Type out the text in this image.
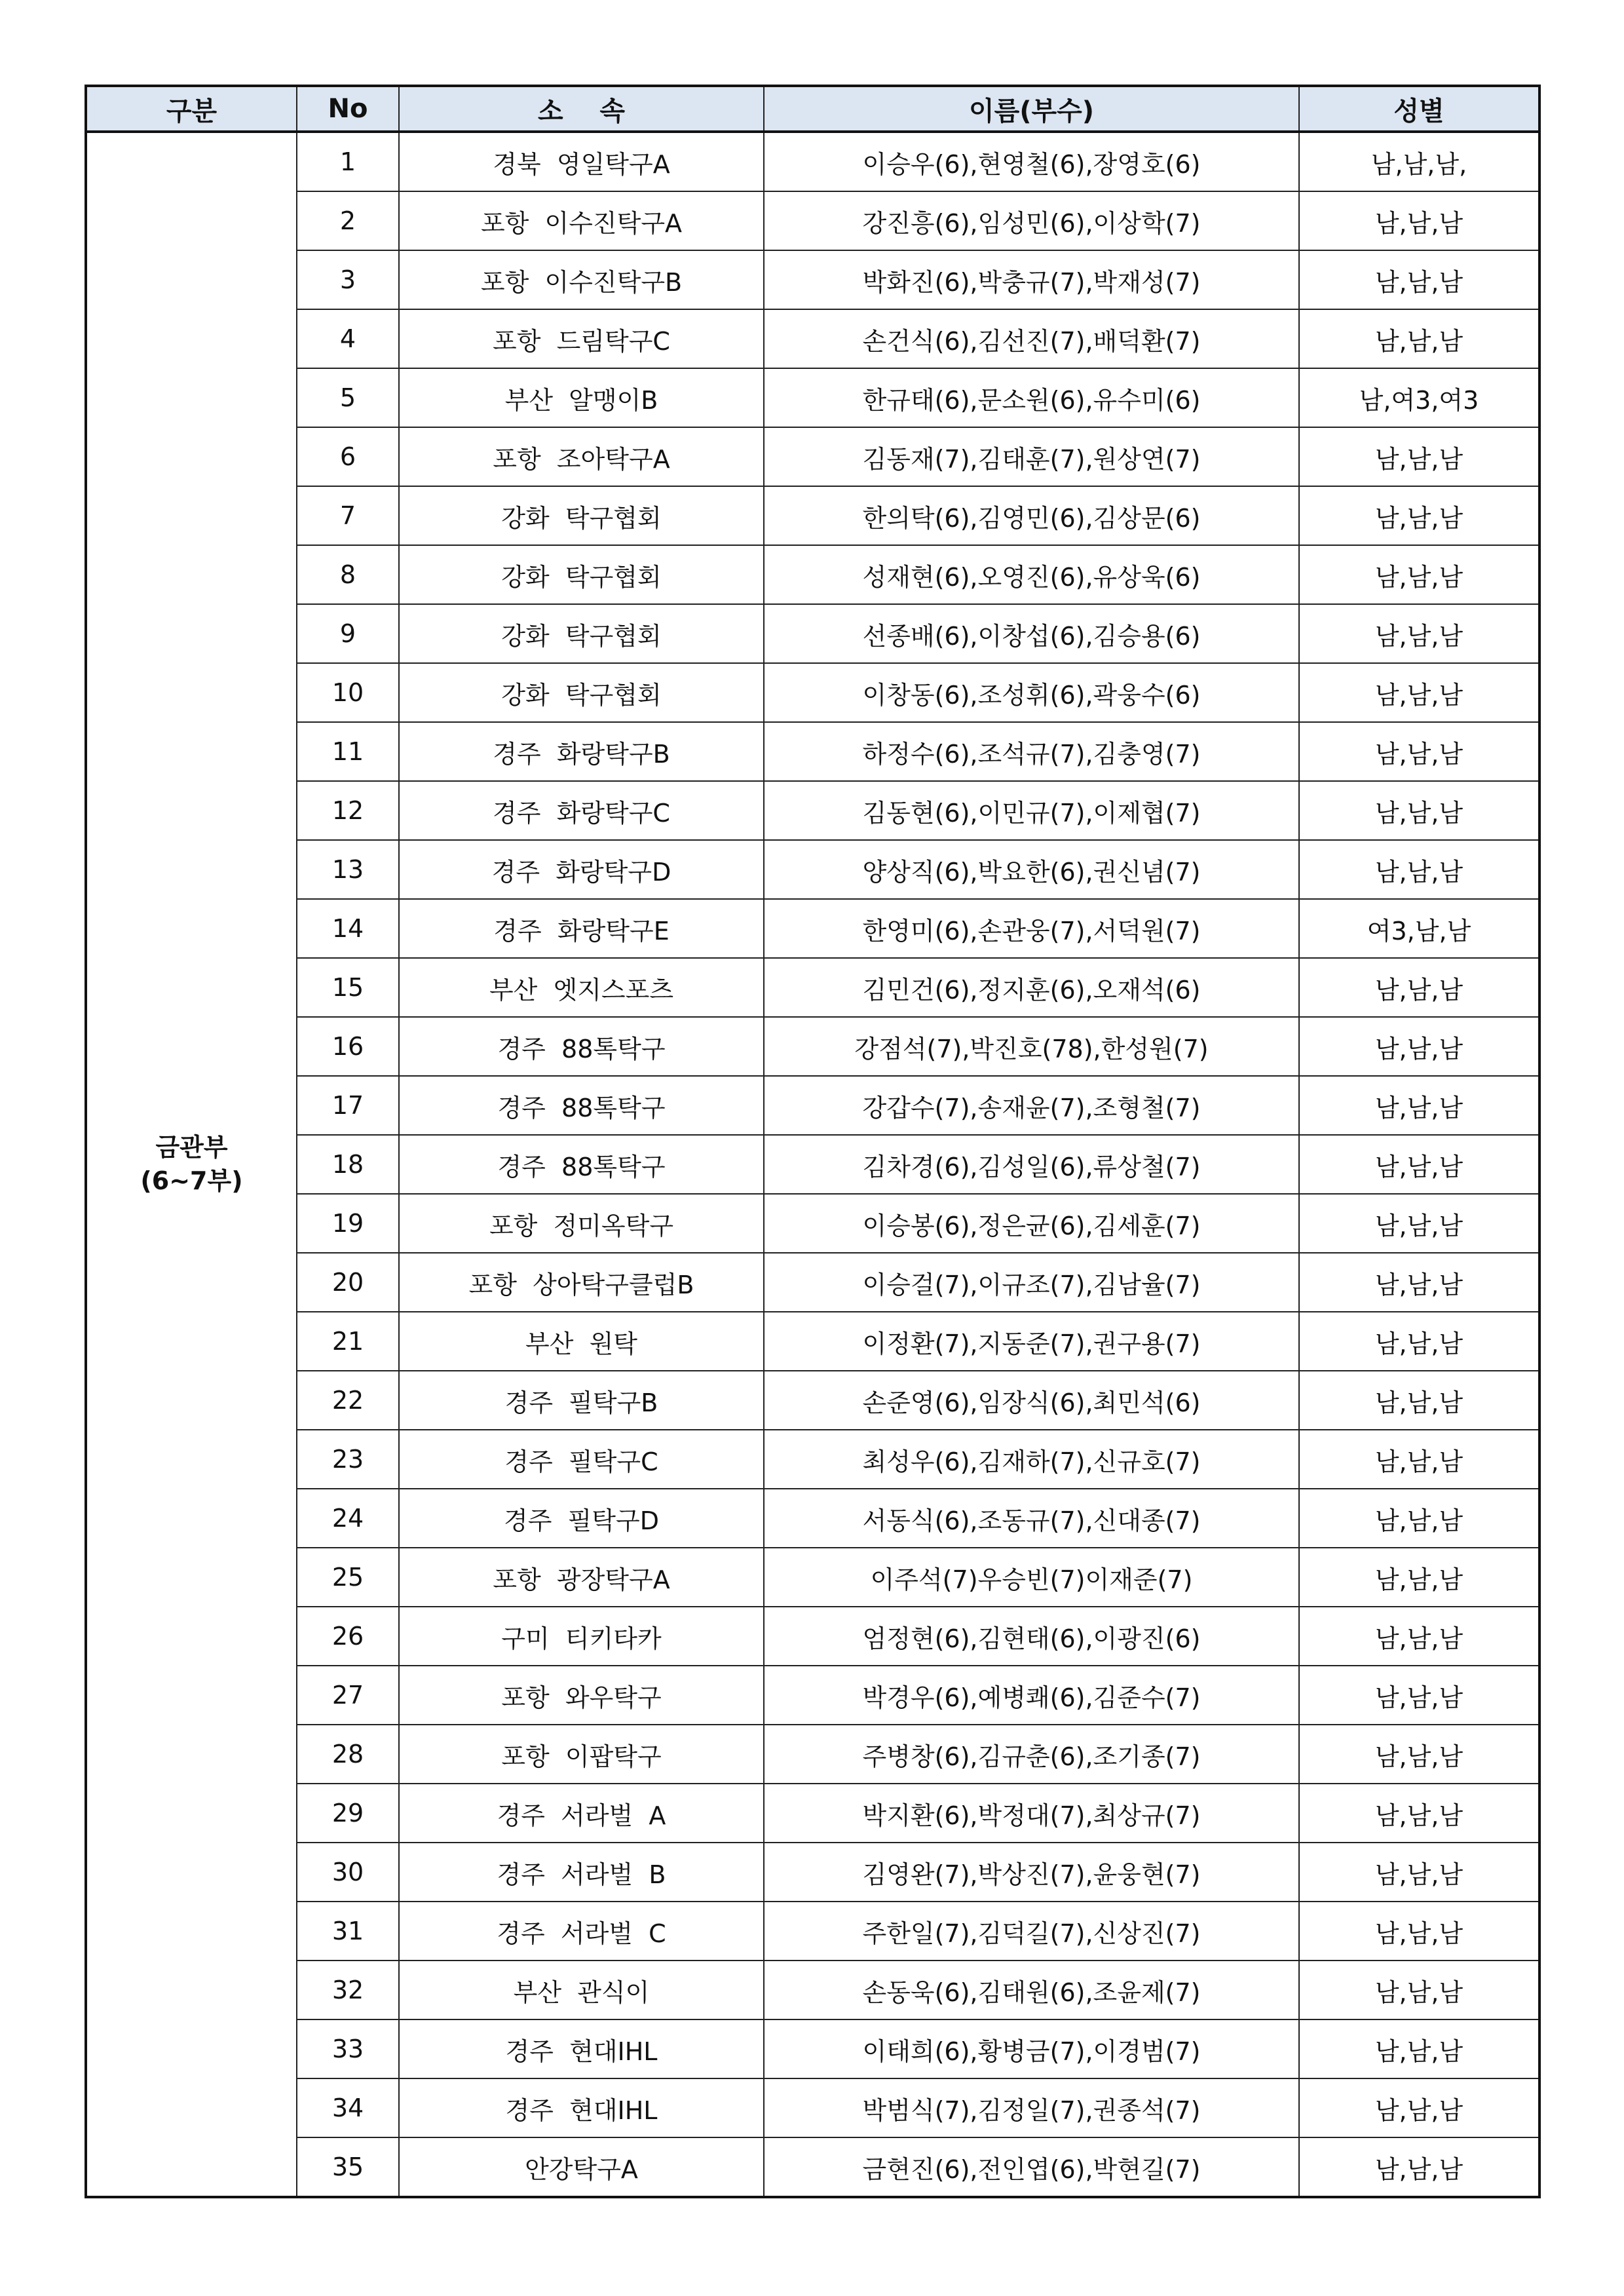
구분	No	소    속	이름(부수)	성별

금관부
(6~7부)	1	경북  영일탁구A	이승우(6),현영철(6),장영호(6)	남,남,남,
	2	포항  이수진탁구A	강진흥(6),임성민(6),이상학(7)	남,남,남
	3	포항  이수진탁구B	박화진(6),박충규(7),박재성(7)	남,남,남
	4	포항  드림탁구C	손건식(6),김선진(7),배덕환(7)	남,남,남
	5	부산  알맹이B	한규태(6),문소원(6),유수미(6)	남,여3,여3
	6	포항  조아탁구A	김동재(7),김태훈(7),원상연(7)	남,남,남
	7	강화  탁구협회	한의탁(6),김영민(6),김상문(6)	남,남,남
	8	강화  탁구협회	성재현(6),오영진(6),유상욱(6)	남,남,남
	9	강화  탁구협회	선종배(6),이창섭(6),김승용(6)	남,남,남
	10	강화  탁구협회	이창동(6),조성휘(6),곽웅수(6)	남,남,남
	11	경주  화랑탁구B	하정수(6),조석규(7),김충영(7)	남,남,남
	12	경주  화랑탁구C	김동현(6),이민규(7),이제협(7)	남,남,남
	13	경주  화랑탁구D	양상직(6),박요한(6),권신념(7)	남,남,남
	14	경주  화랑탁구E	한영미(6),손관웅(7),서덕원(7)	여3,남,남
	15	부산  엣지스포츠	김민건(6),정지훈(6),오재석(6)	남,남,남
	16	경주  88톡탁구	강점석(7),박진호(78),한성원(7)	남,남,남
	17	경주  88톡탁구	강갑수(7),송재윤(7),조형철(7)	남,남,남
	18	경주  88톡탁구	김차경(6),김성일(6),류상철(7)	남,남,남
	19	포항  정미옥탁구	이승봉(6),정은균(6),김세훈(7)	남,남,남
	20	포항  상아탁구클럽B	이승걸(7),이규조(7),김남율(7)	남,남,남
	21	부산  원탁	이정환(7),지동준(7),권구용(7)	남,남,남
	22	경주  필탁구B	손준영(6),임장식(6),최민석(6)	남,남,남
	23	경주  필탁구C	최성우(6),김재하(7),신규호(7)	남,남,남
	24	경주  필탁구D	서동식(6),조동규(7),신대종(7)	남,남,남
	25	포항  광장탁구A	이주석(7)우승빈(7)이재준(7)	남,남,남
	26	구미  티키타카	엄정현(6),김현태(6),이광진(6)	남,남,남
	27	포항  와우탁구	박경우(6),예병쾌(6),김준수(7)	남,남,남
	28	포항  이팝탁구	주병창(6),김규춘(6),조기종(7)	남,남,남
	29	경주  서라벌  A	박지환(6),박정대(7),최상규(7)	남,남,남
	30	경주  서라벌  B	김영완(7),박상진(7),윤웅현(7)	남,남,남
	31	경주  서라벌  C	주한일(7),김덕길(7),신상진(7)	남,남,남
	32	부산  관식이	손동욱(6),김태원(6),조윤제(7)	남,남,남
	33	경주  현대IHL	이태희(6),황병금(7),이경범(7)	남,남,남
	34	경주  현대IHL	박범식(7),김정일(7),권종석(7)	남,남,남
	35	안강탁구A	금현진(6),전인엽(6),박현길(7)	남,남,남
